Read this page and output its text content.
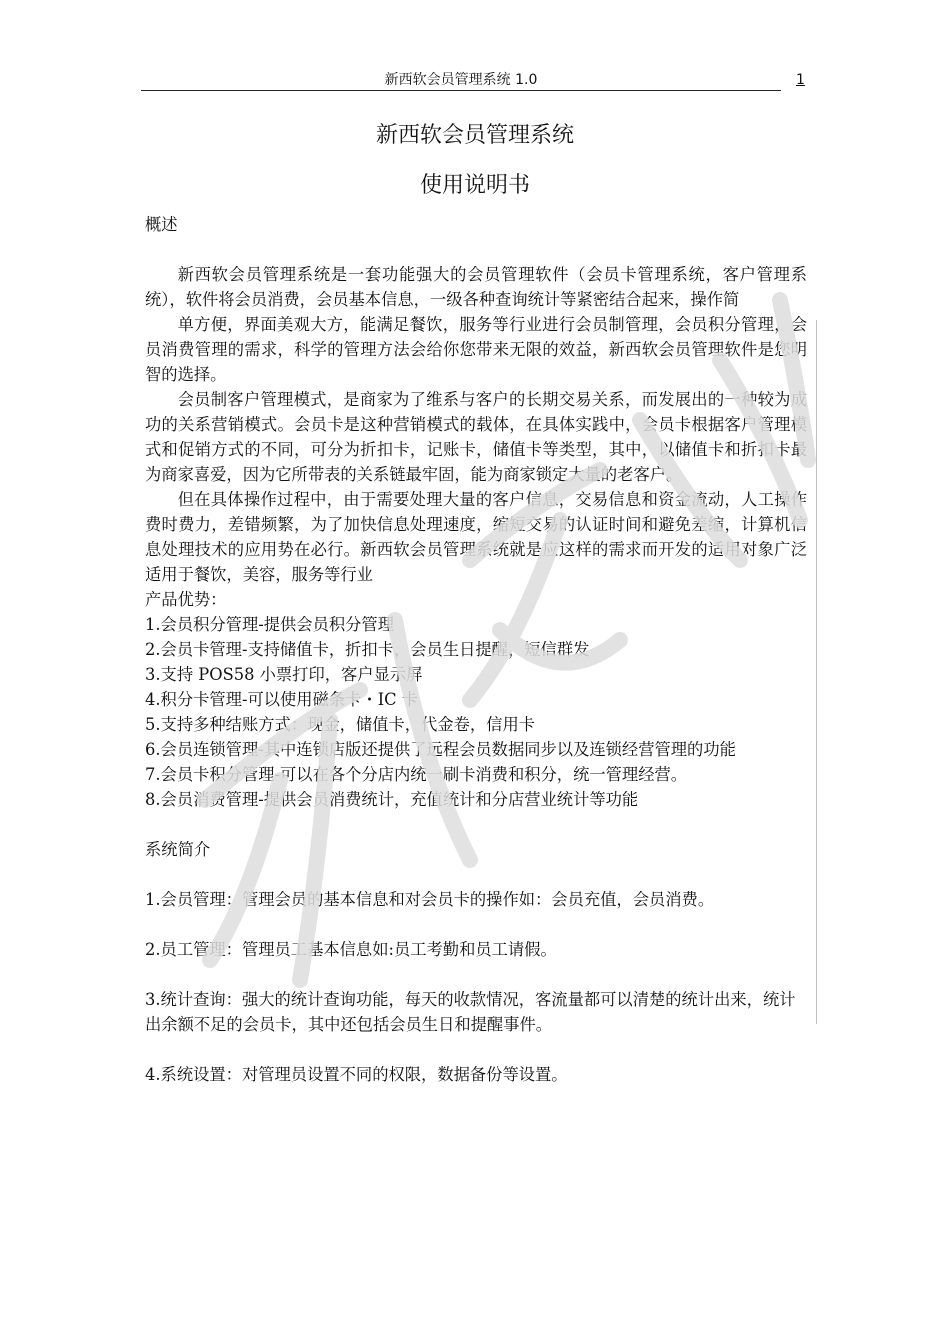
新西软会员管理系统 1.0	1
新西软会员管理系统
使用说明书

概述

新西软会员管理系统是一套功能强大的会员管理软件（会员卡管理系统，客户管理系统），软件将会员消费，会员基本信息，一级各种查询统计等紧密结合起来，操作简

单方便，界面美观大方，能满足餐饮，服务等行业进行会员制管理，会员积分管理，会员消费管理的需求，科学的管理方法会给你您带来无限的效益，新西软会员管理软件是您明智的选择。

会员制客户管理模式，是商家为了维系与客户的长期交易关系，而发展出的一种较为成功的关系营销模式。会员卡是这种营销模式的载体，在具体实践中，会员卡根据客户管理模式和促销方式的不同，可分为折扣卡，记账卡，储值卡等类型，其中，以储值卡和折扣卡最为商家喜爱，因为它所带表的关系链最牢固，能为商家锁定大量的老客户。

但在具体操作过程中，由于需要处理大量的客户信息，交易信息和资金流动，人工操作费时费力，差错频繁，为了加快信息处理速度，缩短交易的认证时间和避免差缩，计算机信息处理技术的应用势在必行。新西软会员管理系统就是应这样的需求而开发的适用对象广泛适用于餐饮，美容，服务等行业

产品优势：

1.会员积分管理-提供会员积分管理

2.会员卡管理-支持储值卡，折扣卡，会员生日提醒，短信群发

3.支持 POS58 小票打印，客户显示屏

4.积分卡管理-可以使用磁条卡・IC 卡

5.支持多种结账方式：现金，储值卡，代金卷，信用卡

6.会员连锁管理-其中连锁店版还提供了远程会员数据同步以及连锁经营管理的功能

7.会员卡积分管理-可以在各个分店内统一刷卡消费和积分，统一管理经营。

8.会员消费管理-提供会员消费统计，充值统计和分店营业统计等功能

系统简介

1.会员管理：管理会员的基本信息和对会员卡的操作如：会员充值，会员消费。

2.员工管理：管理员工基本信息如:员工考勤和员工请假。

3.统计查询：强大的统计查询功能，每天的收款情况，客流量都可以清楚的统计出来，统计出余额不足的会员卡，其中还包括会员生日和提醒事件。

4.系统设置：对管理员设置不同的权限，数据备份等设置。
